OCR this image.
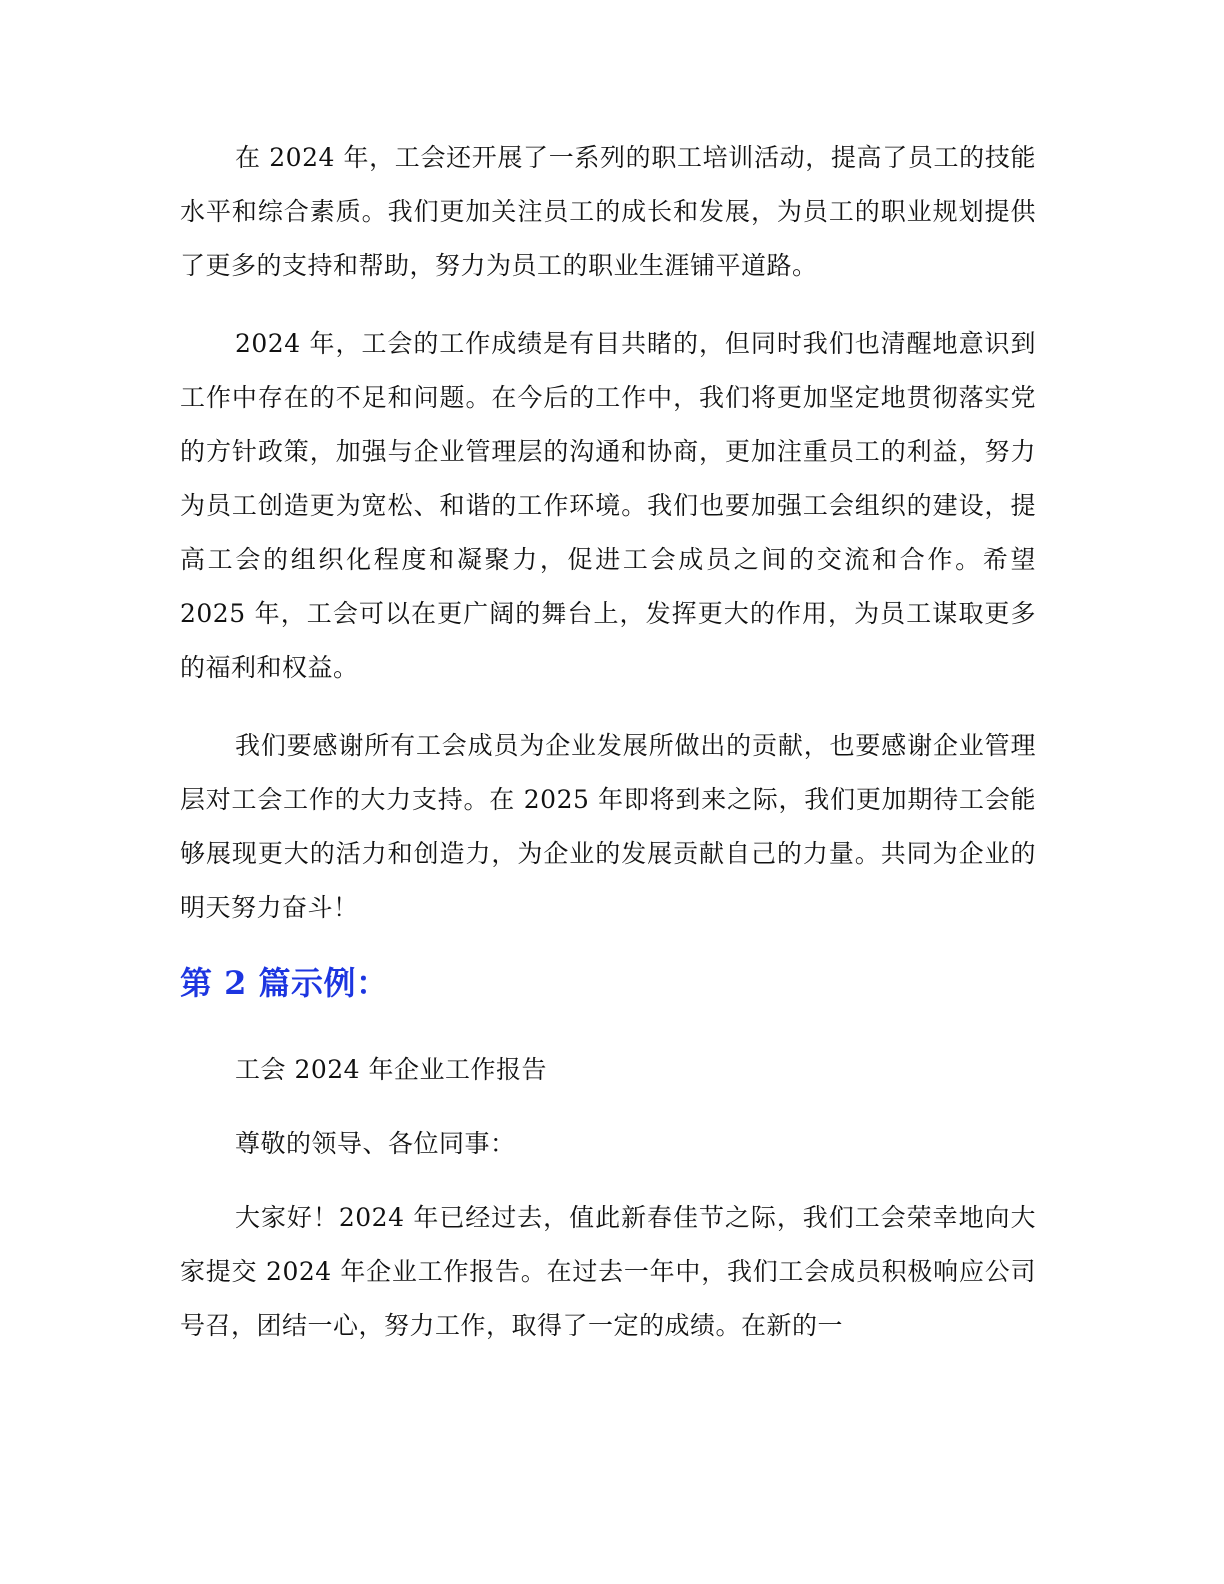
在 2024 年，工会还开展了一系列的职工培训活动，提高了员工的技能水平和综合素质。我们更加关注员工的成长和发展，为员工的职业规划提供了更多的支持和帮助，努力为员工的职业生涯铺平道路。

2024 年，工会的工作成绩是有目共睹的，但同时我们也清醒地意识到工作中存在的不足和问题。在今后的工作中，我们将更加坚定地贯彻落实党的方针政策，加强与企业管理层的沟通和协商，更加注重员工的利益，努力为员工创造更为宽松、和谐的工作环境。我们也要加强工会组织的建设，提高工会的组织化程度和凝聚力，促进工会成员之间的交流和合作。希望 2025 年，工会可以在更广阔的舞台上，发挥更大的作用，为员工谋取更多的福利和权益。

我们要感谢所有工会成员为企业发展所做出的贡献，也要感谢企业管理层对工会工作的大力支持。在 2025 年即将到来之际，我们更加期待工会能够展现更大的活力和创造力，为企业的发展贡献自己的力量。共同为企业的明天努力奋斗！

第 2 篇示例：

工会 2024 年企业工作报告

尊敬的领导、各位同事：

大家好！2024 年已经过去，值此新春佳节之际，我们工会荣幸地向大家提交 2024 年企业工作报告。在过去一年中，我们工会成员积极响应公司号召，团结一心，努力工作，取得了一定的成绩。在新的一
